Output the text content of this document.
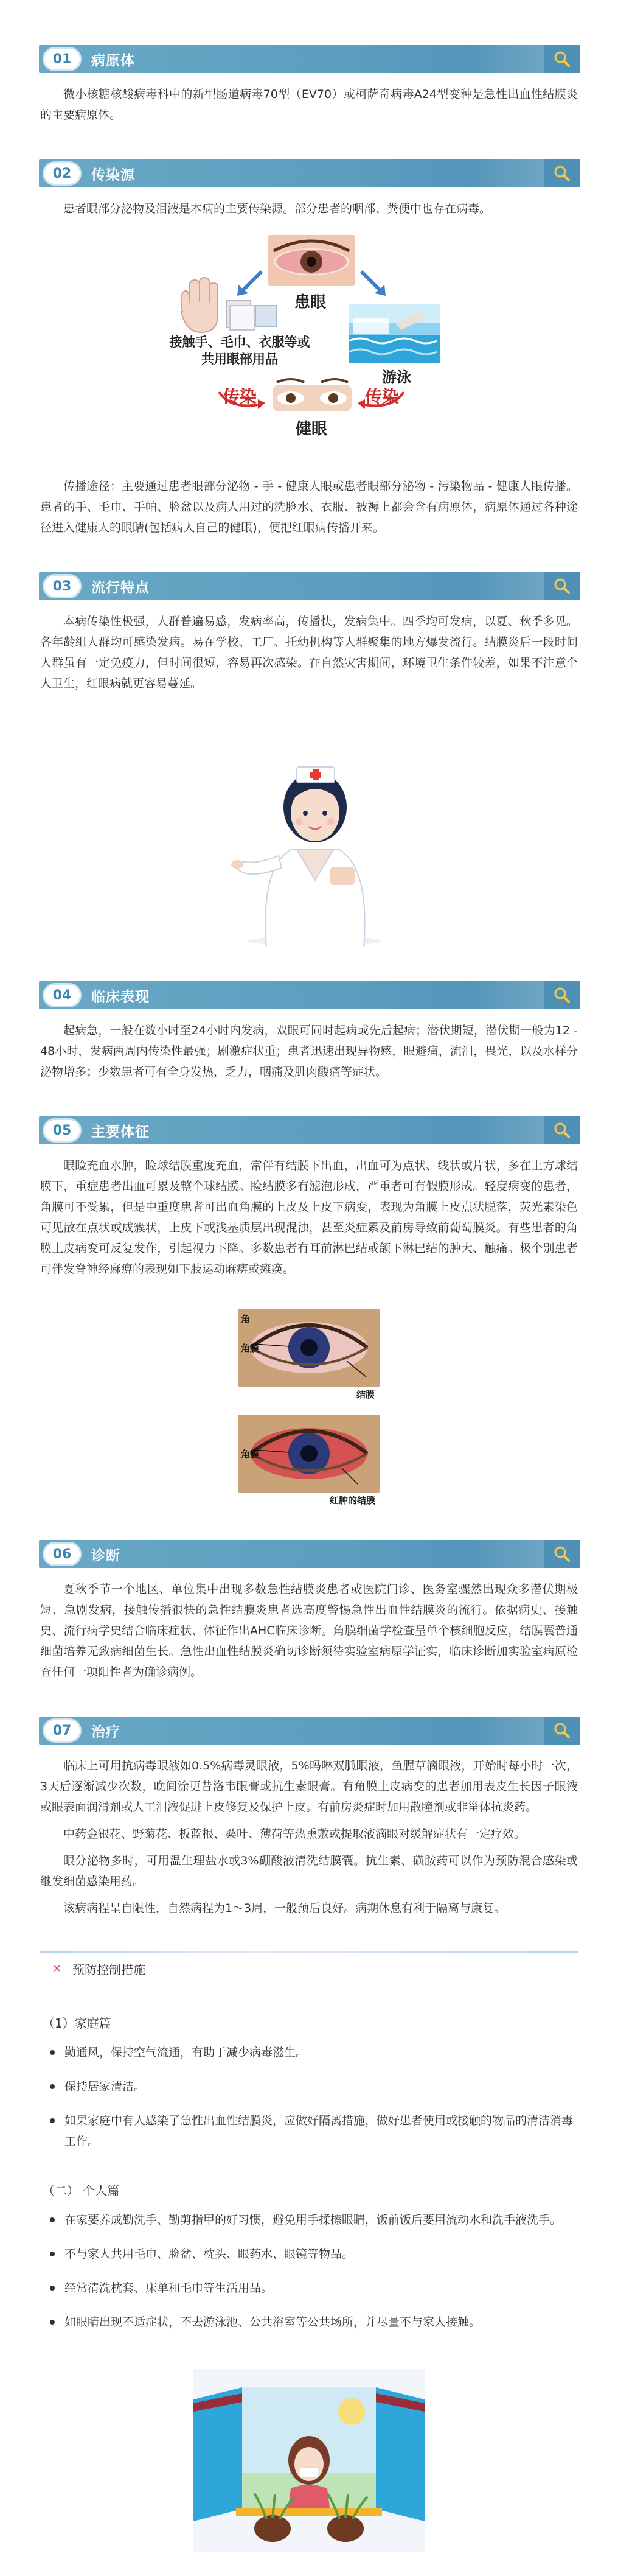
01	病原体

微小核糖核酸病毒科中的新型肠道病毒70型（EV70）或柯萨奇病毒A24型变种是急性出血性结膜炎的主要病原体。

02	传染源

患者眼部分泌物及泪液是本病的主要传染源。部分患者的咽部、粪便中也存在病毒。

患眼
接触手、毛巾、衣服等或共用眼部用品
游泳
传染	传染
健眼

传播途径：主要通过患者眼部分泌物 - 手 - 健康人眼或患者眼部分泌物 - 污染物品 - 健康人眼传播。患者的手、毛巾、手帕、脸盆以及病人用过的洗脸水、衣服、被褥上都会含有病原体，病原体通过各种途径进入健康人的眼睛(包括病人自己的健眼)，便把红眼病传播开来。

03	流行特点

本病传染性极强，人群普遍易感，发病率高，传播快，发病集中。四季均可发病，以夏、秋季多见。各年龄组人群均可感染发病。易在学校、工厂、托幼机构等人群聚集的地方爆发流行。结膜炎后一段时间人群虽有一定免疫力，但时间很短，容易再次感染。在自然灾害期间，环境卫生条件较差，如果不注意个人卫生，红眼病就更容易蔓延。

04	临床表现

起病急，一般在数小时至24小时内发病，双眼可同时起病或先后起病；潜伏期短，潜伏期一般为12 - 48小时，发病两周内传染性最强；剧激症状重；患者迅速出现异物感，眼避痛，流泪，畏光，以及水样分泌物增多；少数患者可有全身发热，乏力，咽痛及肌肉酸痛等症状。

05	主要体征

眼睑充血水肿，睑球结膜重度充血，常伴有结膜下出血，出血可为点状、线状或片状，多在上方球结膜下，重症患者出血可累及整个球结膜。睑结膜多有滤泡形成，严重者可有假膜形成。轻度病变的患者，角膜可不受累，但是中重度患者可出血角膜的上皮及上皮下病变，表现为角膜上皮点状脱落，荧光素染色可见散在点状或成簇状，上皮下或浅基质层出现混浊，甚至炎症累及前房导致前葡萄膜炎。有些患者的角膜上皮病变可反复发作，引起视力下降。多数患者有耳前淋巴结或颌下淋巴结的肿大、触痛。极个别患者可伴发脊神经麻痹的表现如下肢运动麻痹或瘫痪。

角
角膜
结膜
角膜
红肿的结膜
06	诊断

夏秋季节一个地区、单位集中出现多数急性结膜炎患者或医院门诊、医务室骤然出现众多潜伏期极短、急剧发病，接触传播很快的急性结膜炎患者选高度警惕急性出血性结膜炎的流行。依据病史、接触史、流行病学史结合临床症状、体征作出AHC临床诊断。角膜细菌学检查呈单个核细胞反应，结膜囊普通细菌培养无致病细菌生长。急性出血性结膜炎确切诊断须待实验室病原学证实，临床诊断加实验室病原检查任何一项阳性者为确诊病例。

07	治疗

临床上可用抗病毒眼液如0.5%病毒灵眼液，5%吗啉双胍眼液，鱼腥草滴眼液，开始时每小时一次，3天后逐渐减少次数，晚间涂更昔洛韦眼膏或抗生素眼膏。有角膜上皮病变的患者加用表皮生长因子眼液或眼表面润滑剂或人工泪液促进上皮修复及保护上皮。有前房炎症时加用散瞳剂或非甾体抗炎药。

中药金银花、野菊花、板蓝根、桑叶、薄荷等热熏敷或提取液滴眼对缓解症状有一定疗效。

眼分泌物多时，可用温生理盐水或3%硼酸液清洗结膜囊。抗生素、磺胺药可以作为预防混合感染或继发细菌感染用药。

该病病程呈自限性，自然病程为1～3周，一般预后良好。病期休息有利于隔离与康复。

✕ 预防控制措施
（1）家庭篇
勤通风，保持空气流通，有助于减少病毒滋生。
保持居家清洁。
如果家庭中有人感染了急性出血性结膜炎，应做好隔离措施，做好患者使用或接触的物品的清洁消毒工作。
（二） 个人篇
在家要养成勤洗手、勤剪指甲的好习惯，避免用手揉擦眼睛，饭前饭后要用流动水和洗手液洗手。
不与家人共用毛巾、脸盆、枕头、眼药水、眼镜等物品。
经常清洗枕套、床单和毛巾等生活用品。
如眼睛出现不适症状，不去游泳池、公共浴室等公共场所，并尽量不与家人接触。
